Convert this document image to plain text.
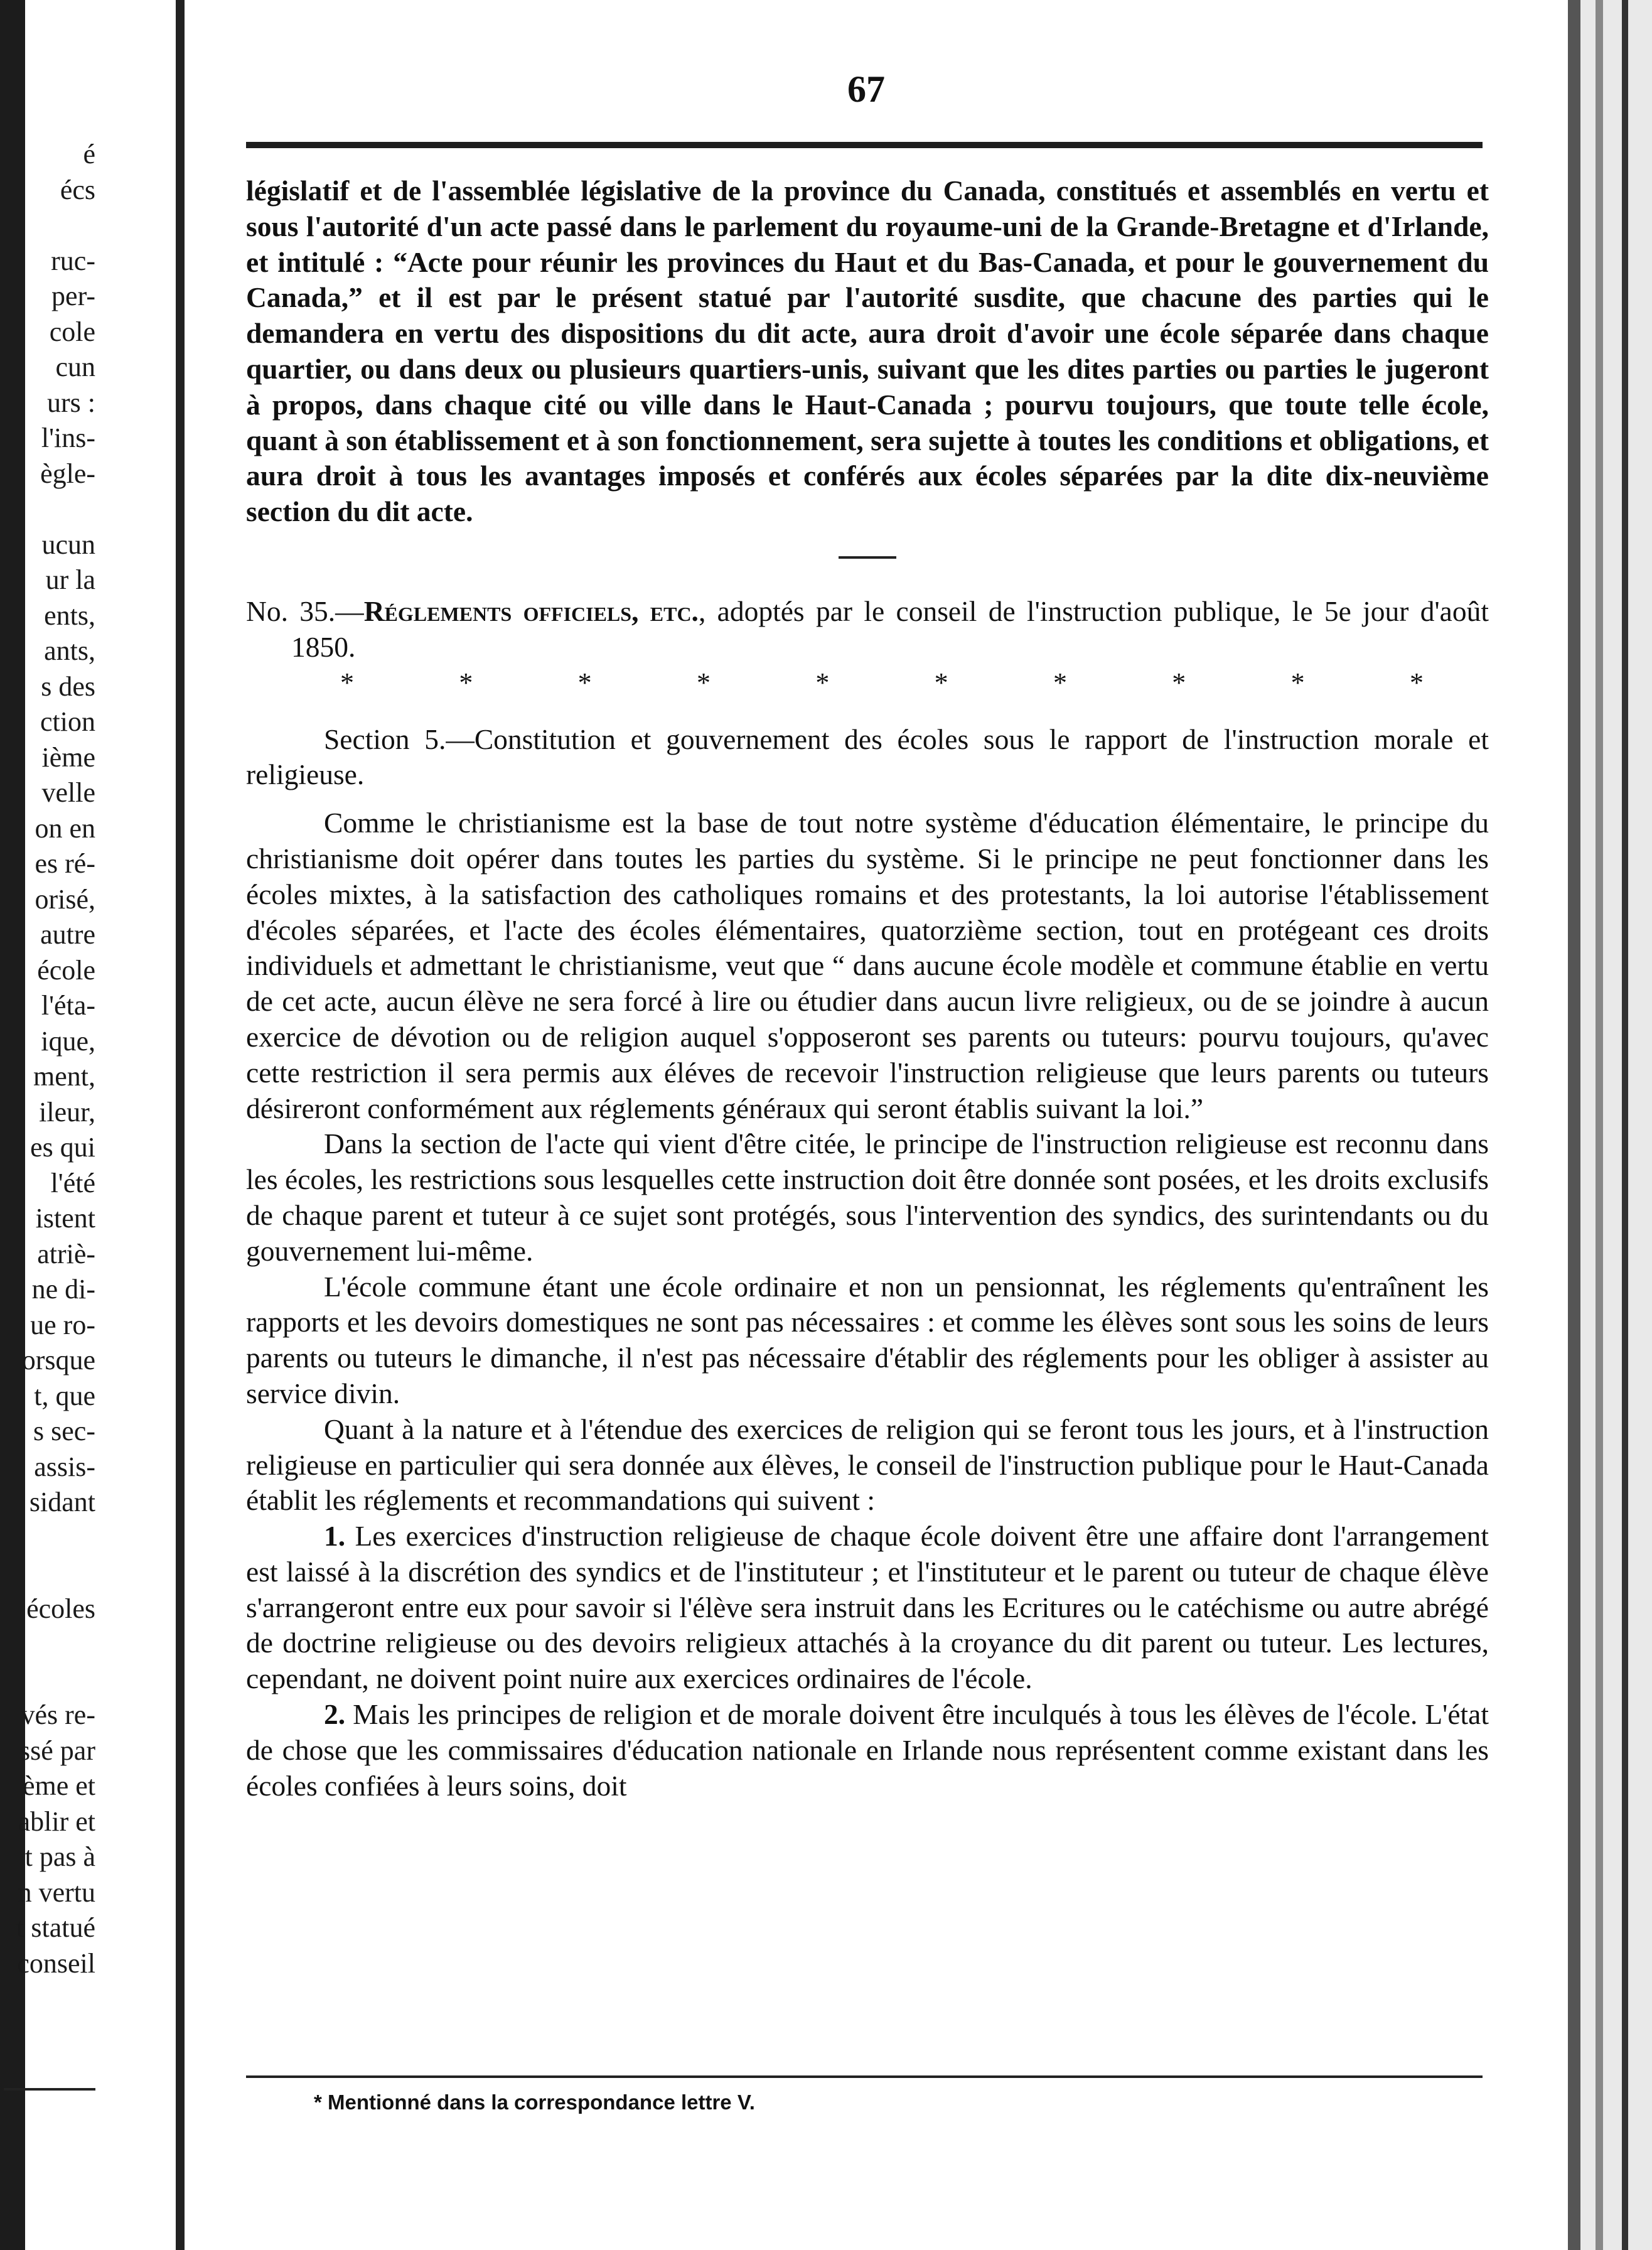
é
écs
ruc-
per-
cole
cun
urs :
l'ins-
ègle-
ucun
ur la
ents,
ants,
s des
ction
ième
velle
on en
es ré-
orisé,
autre
école
l'éta-
ique,
ment,
ileur,
es qui
l'été
istent
atriè-
ne di-
ue ro-
orsque
t, que
s sec-
assis-
sidant
écoles
vés re-
ssé par
ème et
ablir et
t pas à
n vertu
t statué
conseil
67

législatif et de l'assemblée législative de la province du Canada, constitués et assemblés en vertu et sous l'autorité d'un acte passé dans le parlement du royaume-uni de la Grande-Bretagne et d'Irlande, et intitulé : “Acte pour réunir les provinces du Haut et du Bas-Canada, et pour le gouvernement du Canada,” et il est par le présent statué par l'autorité susdite, que chacune des parties qui le demandera en vertu des dispositions du dit acte, aura droit d'avoir une école séparée dans chaque quartier, ou dans deux ou plusieurs quartiers-unis, suivant que les dites parties ou parties le jugeront à propos, dans chaque cité ou ville dans le Haut-Canada ; pourvu toujours, que toute telle école, quant à son établissement et à son fonctionnement, sera sujette à toutes les conditions et obligations, et aura droit à tous les avantages imposés et conférés aux écoles séparées par la dite dix-neuvième section du dit acte.

No. 35.—Réglements officiels, etc., adoptés par le conseil de l'instruction publique, le 5e jour d'août 1850.

*	*	*	*	*	*	*	*	*	*

Section 5.—Constitution et gouvernement des écoles sous le rapport de l'instruction morale et religieuse.

Comme le christianisme est la base de tout notre système d'éducation élémentaire, le principe du christianisme doit opérer dans toutes les parties du système. Si le principe ne peut fonctionner dans les écoles mixtes, à la satisfaction des catholiques romains et des protestants, la loi autorise l'établissement d'écoles séparées, et l'acte des écoles élémentaires, quatorzième section, tout en protégeant ces droits individuels et admettant le christianisme, veut que “ dans aucune école modèle et commune établie en vertu de cet acte, aucun élève ne sera forcé à lire ou étudier dans aucun livre religieux, ou de se joindre à aucun exercice de dévotion ou de religion auquel s'opposeront ses parents ou tuteurs: pourvu toujours, qu'avec cette restriction il sera permis aux éléves de recevoir l'instruction religieuse que leurs parents ou tuteurs désireront conformément aux réglements généraux qui seront établis suivant la loi.”

Dans la section de l'acte qui vient d'être citée, le principe de l'instruction religieuse est reconnu dans les écoles, les restrictions sous lesquelles cette instruction doit être donnée sont posées, et les droits exclusifs de chaque parent et tuteur à ce sujet sont protégés, sous l'intervention des syndics, des surintendants ou du gouvernement lui-même.

L'école commune étant une école ordinaire et non un pensionnat, les réglements qu'entraînent les rapports et les devoirs domestiques ne sont pas nécessaires : et comme les élèves sont sous les soins de leurs parents ou tuteurs le dimanche, il n'est pas nécessaire d'établir des réglements pour les obliger à assister au service divin.

Quant à la nature et à l'étendue des exercices de religion qui se feront tous les jours, et à l'instruction religieuse en particulier qui sera donnée aux élèves, le conseil de l'instruction publique pour le Haut-Canada établit les réglements et recommandations qui suivent :

1. Les exercices d'instruction religieuse de chaque école doivent être une affaire dont l'arrangement est laissé à la discrétion des syndics et de l'instituteur ; et l'instituteur et le parent ou tuteur de chaque élève s'arrangeront entre eux pour savoir si l'élève sera instruit dans les Ecritures ou le catéchisme ou autre abrégé de doctrine religieuse ou des devoirs religieux attachés à la croyance du dit parent ou tuteur. Les lectures, cependant, ne doivent point nuire aux exercices ordinaires de l'école.

2. Mais les principes de religion et de morale doivent être inculqués à tous les élèves de l'école. L'état de chose que les commissaires d'éducation nationale en Irlande nous représentent comme existant dans les écoles confiées à leurs soins, doit

* Mentionné dans la correspondance lettre V.
